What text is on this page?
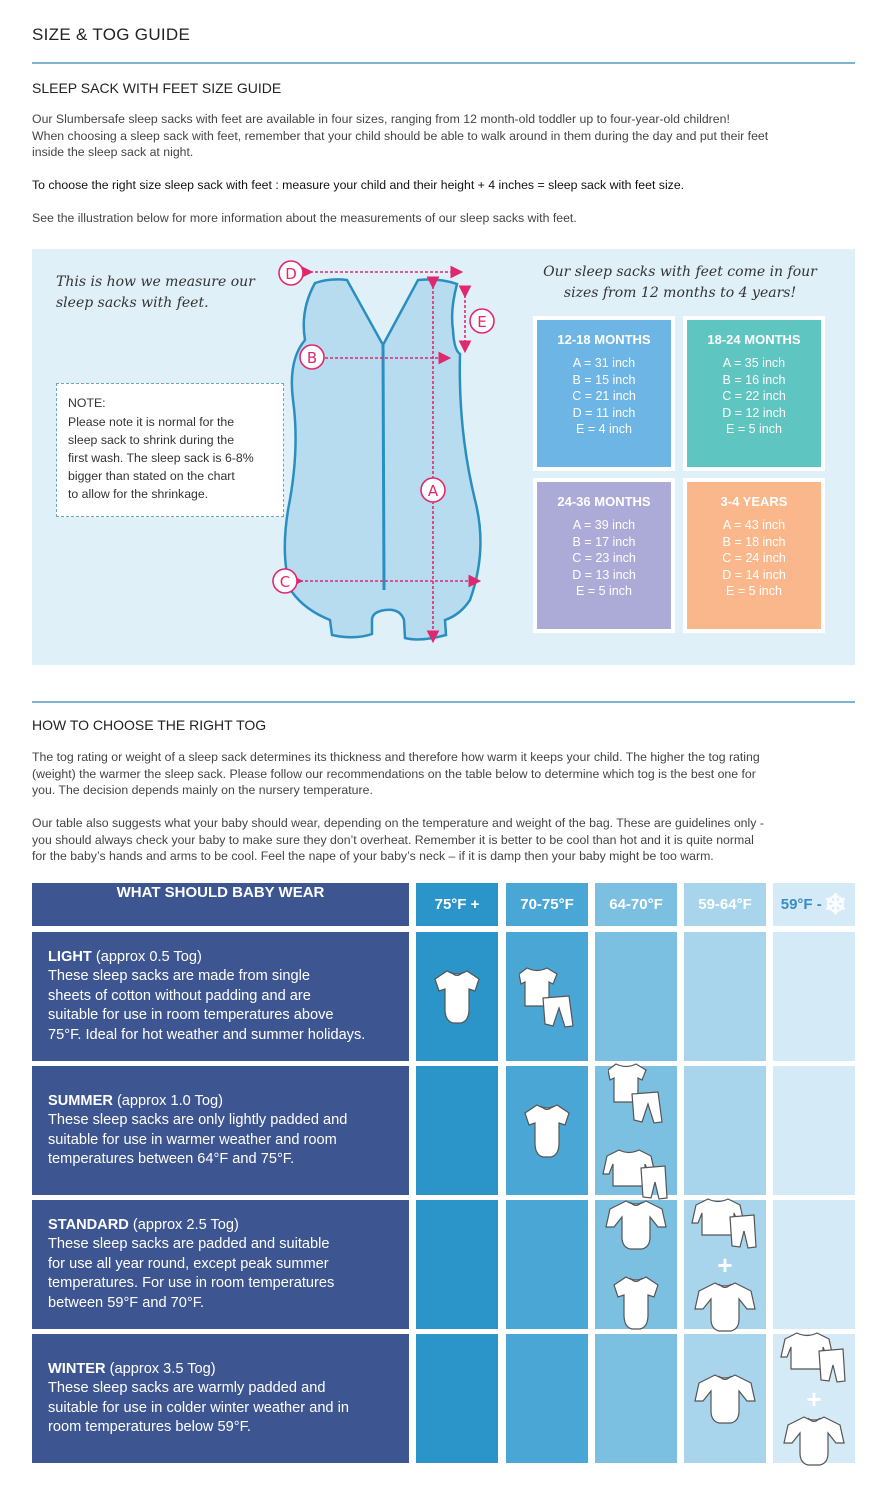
SIZE & TOG GUIDE
SLEEP SACK WITH FEET SIZE GUIDE
Our Slumbersafe sleep sacks with feet are available in four sizes, ranging from 12 month-old toddler up to four-year-old children!
When choosing a sleep sack with feet, remember that your child should be able to walk around in them during the day and put their feet
inside the sleep sack at night.
To choose the right size sleep sack with feet : measure your child and their height + 4 inches = sleep sack with feet size.
See the illustration below for more information about the measurements of our sleep sacks with feet.
This is how we measure our
sleep sacks with feet.
NOTE:
Please note it is normal for the
sleep sack to shrink during the
first wash. The sleep sack is 6-8%
bigger than stated on the chart
to allow for the shrinkage.
D
B
C
A
E
Our sleep sacks with feet come in four
sizes from 12 months to 4 years!
12-18 MONTHS
A = 31 inch
B = 15 inch
C = 21 inch
D = 11 inch
E = 4 inch
18-24 MONTHS
A = 35 inch
B = 16 inch
C = 22 inch
D = 12 inch
E = 5 inch
24-36 MONTHS
A = 39 inch
B = 17 inch
C = 23 inch
D = 13 inch
E = 5 inch
3-4 YEARS
A = 43 inch
B = 18 inch
C = 24 inch
D = 14 inch
E = 5 inch
HOW TO CHOOSE THE RIGHT TOG
The tog rating or weight of a sleep sack determines its thickness and therefore how warm it keeps your child. The higher the tog rating
(weight) the warmer the sleep sack. Please follow our recommendations on the table below to determine which tog is the best one for
you. The decision depends mainly on the nursery temperature.
Our table also suggests what your baby should wear, depending on the temperature and weight of the bag. These are guidelines only -
you should always check your baby to make sure they don’t overheat. Remember it is better to be cool than hot and it is quite normal
for the baby’s hands and arms to be cool. Feel the nape of your baby’s neck – if it is damp then your baby might be too warm.
WHAT SHOULD BABY WEAR
75°F +	70-75°F 64-70°F 59-64°F 59°F - ❄
LIGHT (approx 0.5 Tog)
These sleep sacks are made from single
sheets of cotton without padding and are
suitable for use in room temperatures above
75°F. Ideal for hot weather and summer holidays.
SUMMER (approx 1.0 Tog)
These sleep sacks are only lightly padded and
suitable for use in warmer weather and room
temperatures between 64°F and 75°F.
STANDARD (approx 2.5 Tog)
These sleep sacks are padded and suitable
for use all year round, except peak summer
temperatures. For use in room temperatures
between 59°F and 70°F.
+
WINTER (approx 3.5 Tog)
These sleep sacks are warmly padded and
suitable for use in colder winter weather and in
room temperatures below 59°F.
+
